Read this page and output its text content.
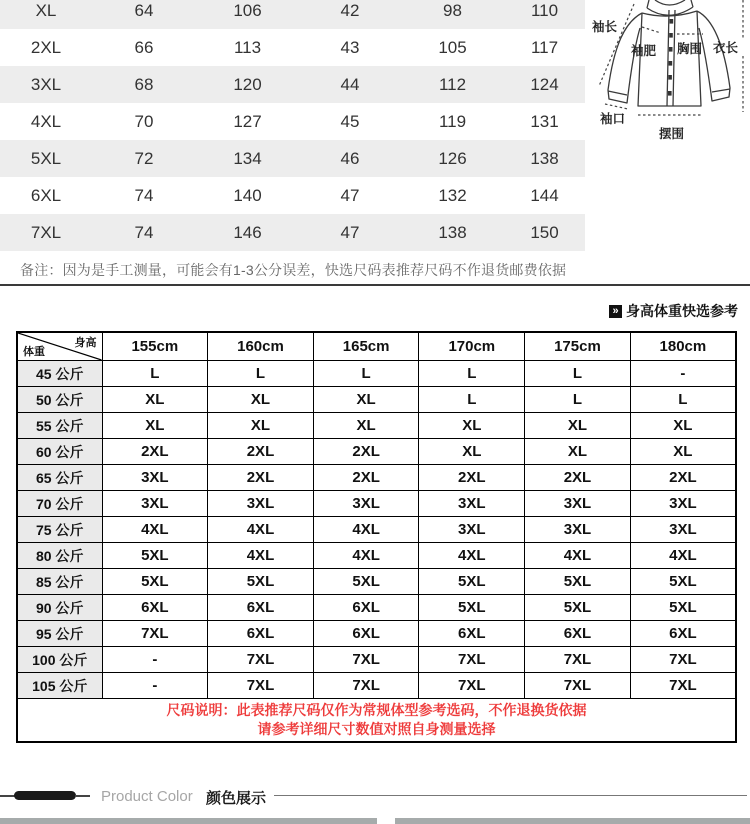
XL	64	106	42	98	110
2XL	66	113	43	105	117
3XL	68	120	44	112	124
4XL	70	127	45	119	131
5XL	72	134	46	126	138
6XL	74	140	47	132	144
7XL	74	146	47	138	150
袖长
袖肥 胸围 衣长
袖口
摆围
备注：因为是手工测量，可能会有1-3公分误差，快选尺码表推荐尺码不作退货邮费依据
» 身高体重快选参考
身高
体重	155cm	160cm	165cm	170cm	175cm	180cm
45 公斤	L	L	L	L	L	-
50 公斤	XL	XL	XL	L	L	L
55 公斤	XL	XL	XL	XL	XL	XL
60 公斤	2XL	2XL	2XL	XL	XL	XL
65 公斤	3XL	2XL	2XL	2XL	2XL	2XL
70 公斤	3XL	3XL	3XL	3XL	3XL	3XL
75 公斤	4XL	4XL	4XL	3XL	3XL	3XL
80 公斤	5XL	4XL	4XL	4XL	4XL	4XL
85 公斤	5XL	5XL	5XL	5XL	5XL	5XL
90 公斤	6XL	6XL	6XL	5XL	5XL	5XL
95 公斤	7XL	6XL	6XL	6XL	6XL	6XL
100 公斤	-	7XL	7XL	7XL	7XL	7XL
105 公斤	-	7XL	7XL	7XL	7XL	7XL

尺码说明：此表推荐尺码仅作为常规体型参考选码，不作退换货依据
请参考详细尺寸数值对照自身测量选择						
Product Color 颜色展示
